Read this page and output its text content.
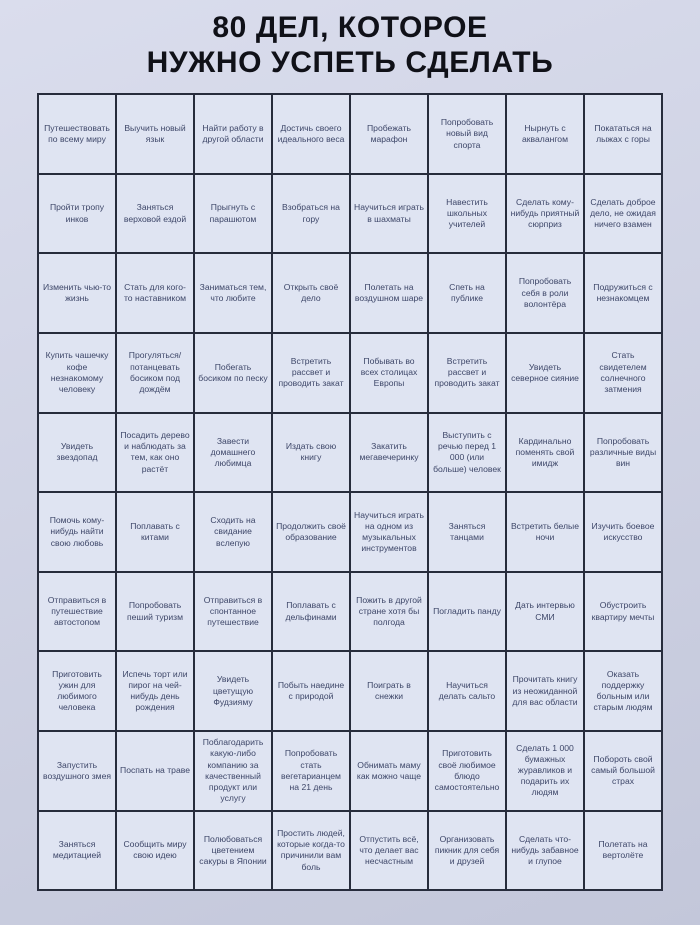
80 ДЕЛ, КОТОРОЕ
НУЖНО УСПЕТЬ СДЕЛАТЬ
Путешествовать по всему миру
Выучить новый язык
Найти работу в другой области
Достичь своего идеального веса
Пробежать марафон
Попробовать новый вид спорта
Нырнуть с аквалангом
Покататься на лыжах с горы
Пройти тропу инков
Заняться верховой ездой
Прыгнуть с парашютом
Взобраться на гору
Научиться играть в шахматы
Навестить школьных учителей
Сделать кому-нибудь приятный сюрприз
Сделать доброе дело, не ожидая ничего взамен
Изменить чью-то жизнь
Стать для кого-то наставником
Заниматься тем, что любите
Открыть своё дело
Полетать на воздушном шаре
Спеть на публике
Попробовать себя в роли волонтёра
Подружиться с незнакомцем
Купить чашечку кофе незнакомому человеку
Прогуляться/ потанцевать босиком под дождём
Побегать босиком по песку
Встретить рассвет и проводить закат
Побывать во всех столицах Европы
Встретить рассвет и проводить закат
Увидеть северное сияние
Стать свидетелем солнечного затмения
Увидеть звездопад
Посадить дерево и наблюдать за тем, как оно растёт
Завести домашнего любимца
Издать свою книгу
Закатить мегавечеринку
Выступить с речью перед 1 000 (или больше) человек
Кардинально поменять свой имидж
Попробовать различные виды вин
Помочь кому-нибудь найти свою любовь
Поплавать с китами
Сходить на свидание вслепую
Продолжить своё образование
Научиться играть на одном из музыкальных инструментов
Заняться танцами
Встретить белые ночи
Изучить боевое искусство
Отправиться в путешествие автостопом
Попробовать пеший туризм
Отправиться в спонтанное путешествие
Поплавать с дельфинами
Пожить в другой стране хотя бы полгода
Погладить панду
Дать интервью СМИ
Обустроить квартиру мечты
Приготовить ужин для любимого человека
Испечь торт или пирог на чей-нибудь день рождения
Увидеть цветущую Фудзияму
Побыть наедине с природой
Поиграть в снежки
Научиться делать сальто
Прочитать книгу из неожиданной для вас области
Оказать поддержку больным или старым людям
Запустить воздушного змея
Поспать на траве
Поблагодарить какую-либо компанию за качественный продукт или услугу
Попробовать стать вегетарианцем на 21 день
Обнимать маму как можно чаще
Приготовить своё любимое блюдо самостоятельно
Сделать 1 000 бумажных журавликов и подарить их людям
Побороть свой самый большой страх
Заняться медитацией
Сообщить миру свою идею
Полюбоваться цветением сакуры в Японии
Простить людей, которые когда-то причинили вам боль
Отпустить всё, что делает вас несчастным
Организовать пикник для себя и друзей
Сделать что-нибудь забавное и глупое
Полетать на вертолёте
